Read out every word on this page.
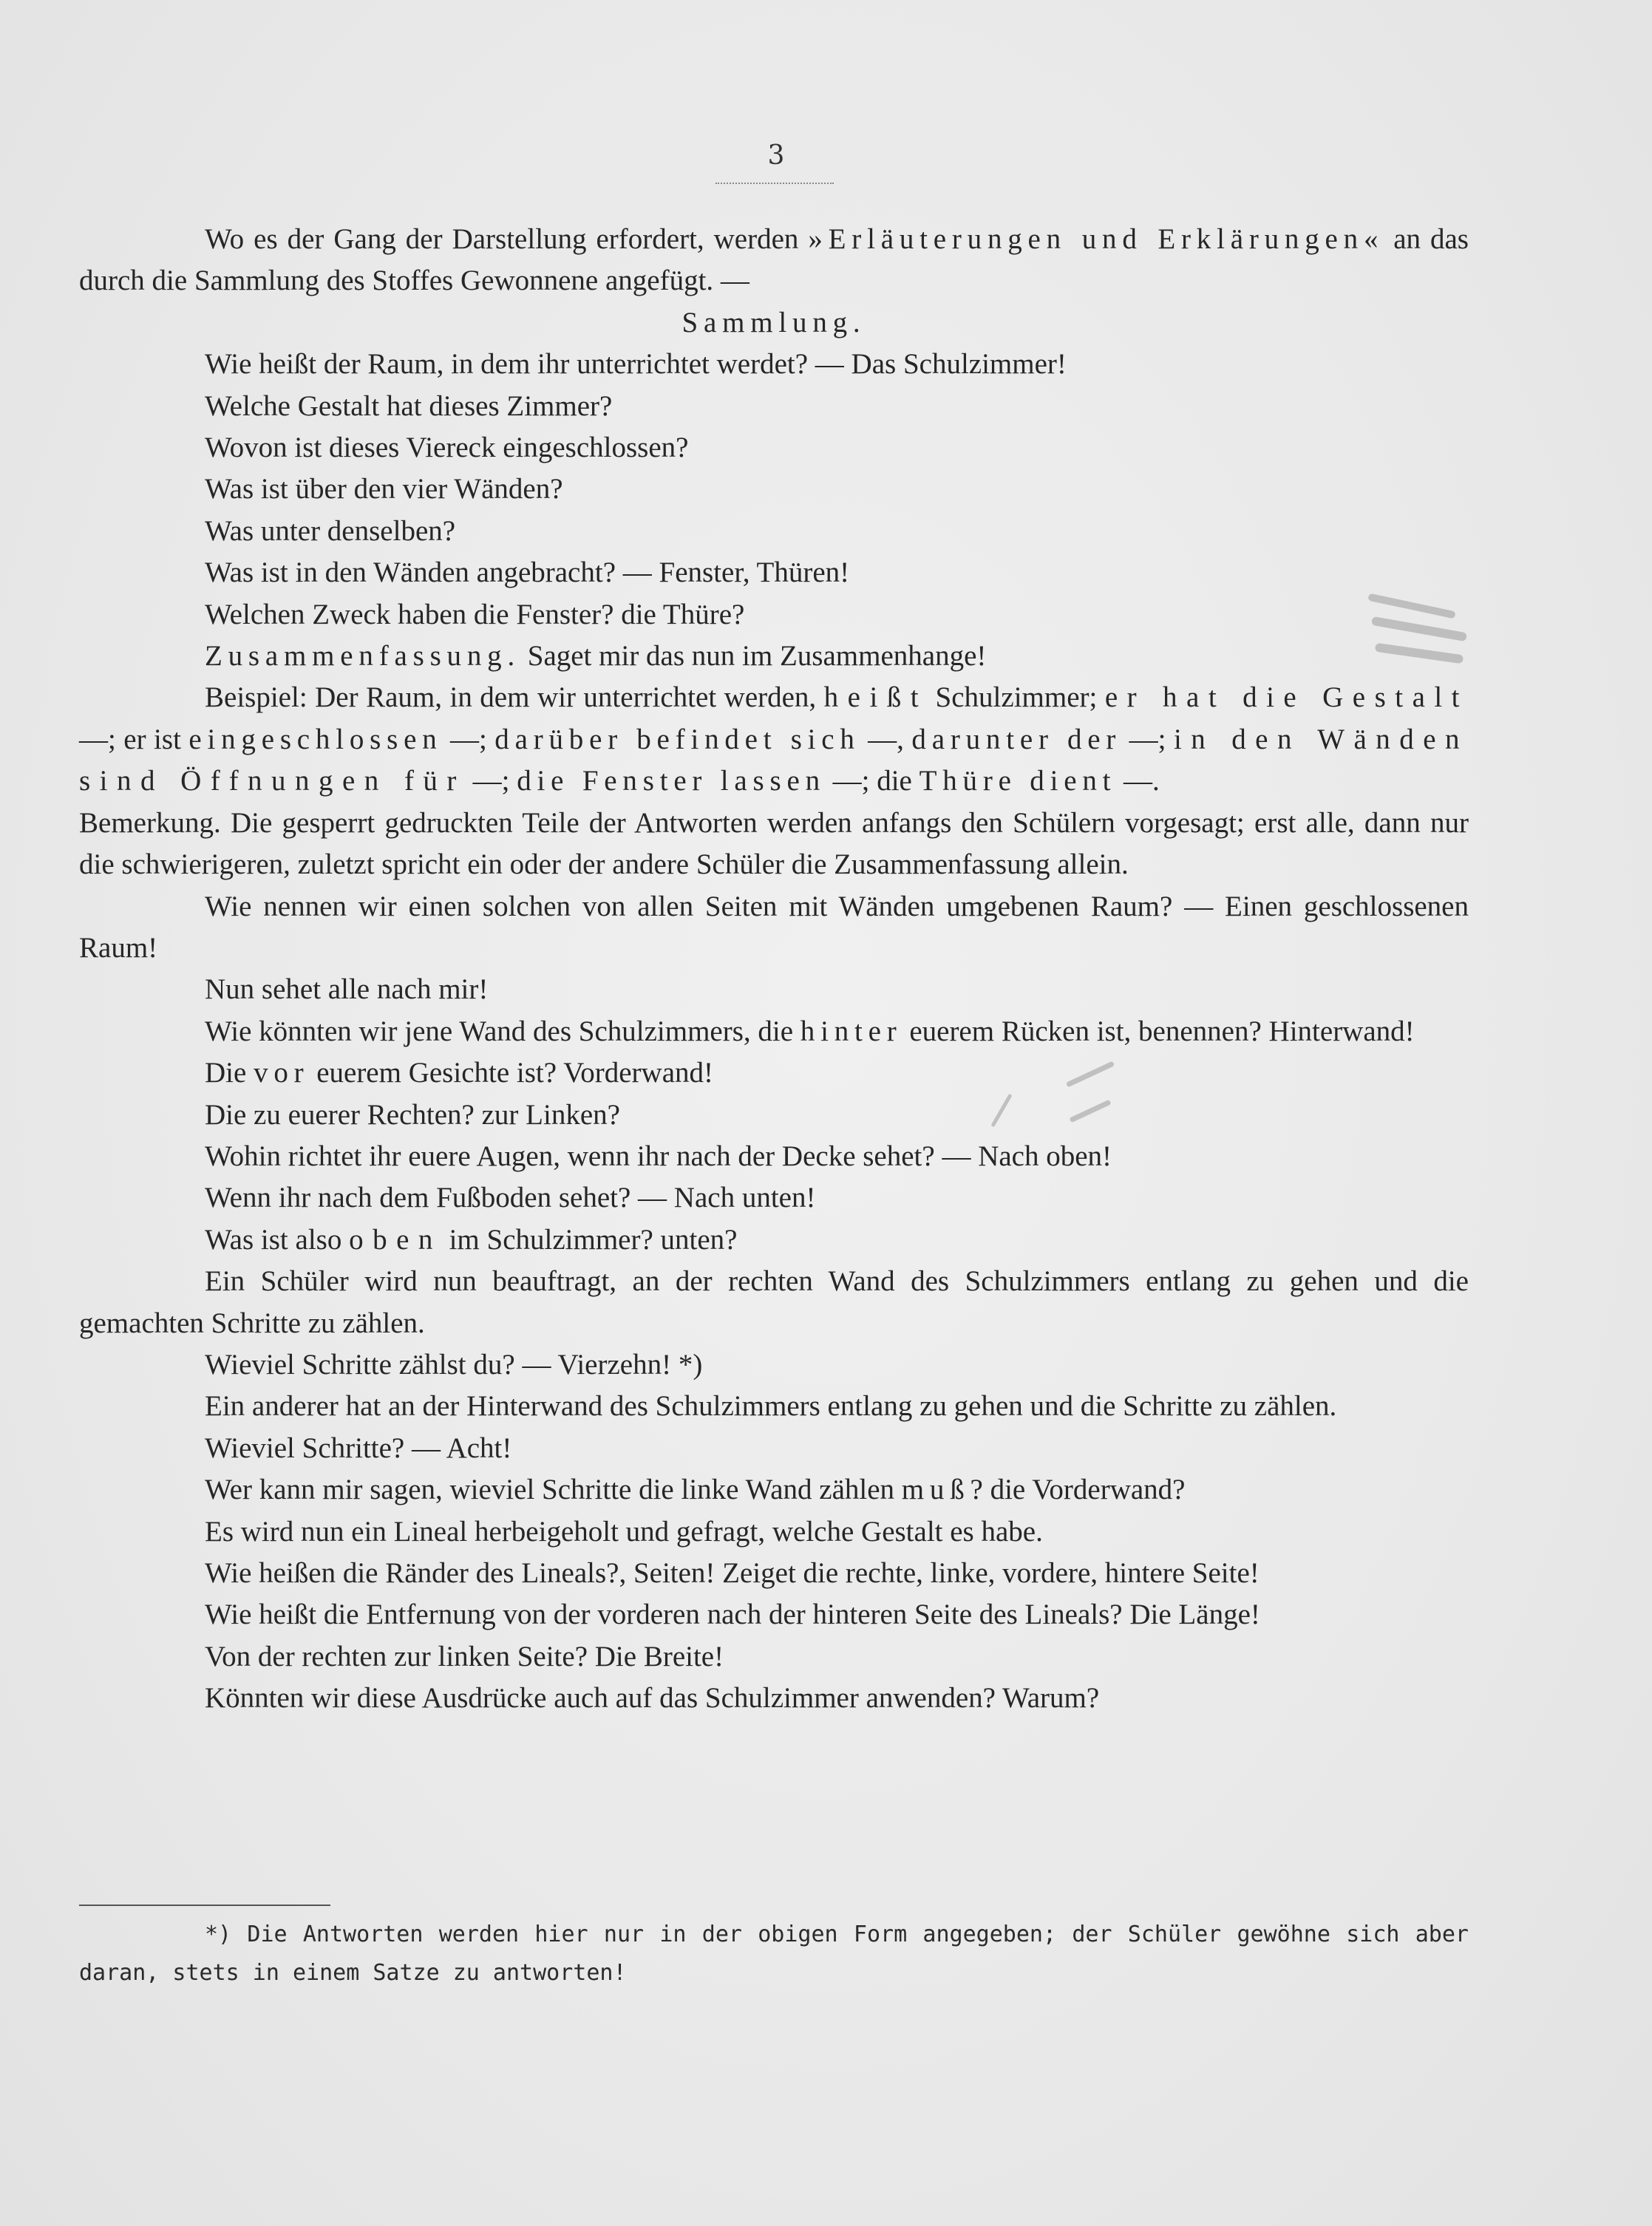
3

Wo es der Gang der Darstellung erfordert, werden »Erläuterungen und Erklärungen« an das durch die Sammlung des Stoffes Gewonnene angefügt. —

Sammlung.

Wie heißt der Raum, in dem ihr unterrichtet werdet? — Das Schulzimmer!

Welche Gestalt hat dieses Zimmer?

Wovon ist dieses Viereck eingeschlossen?

Was ist über den vier Wänden?

Was unter denselben?

Was ist in den Wänden angebracht? — Fenster, Thüren!

Welchen Zweck haben die Fenster? die Thüre?

Zusammenfassung. Saget mir das nun im Zusammenhange!

Beispiel: Der Raum, in dem wir unterrichtet werden, heißt Schulzimmer; er hat die Gestalt —; er ist eingeschlossen —; darüber befindet sich —, darunter der —; in den Wänden sind Öffnungen für —; die Fenster lassen —; die Thüre dient —.

Bemerkung. Die gesperrt gedruckten Teile der Antworten werden anfangs den Schülern vorgesagt; erst alle, dann nur die schwierigeren, zuletzt spricht ein oder der andere Schüler die Zusammenfassung allein.

Wie nennen wir einen solchen von allen Seiten mit Wänden umgebenen Raum? — Einen geschlossenen Raum!

Nun sehet alle nach mir!

Wie könnten wir jene Wand des Schulzimmers, die hinter euerem Rücken ist, benennen? Hinterwand!

Die vor euerem Gesichte ist? Vorderwand!

Die zu euerer Rechten? zur Linken?

Wohin richtet ihr euere Augen, wenn ihr nach der Decke sehet? — Nach oben!

Wenn ihr nach dem Fußboden sehet? — Nach unten!

Was ist also oben im Schulzimmer? unten?

Ein Schüler wird nun beauftragt, an der rechten Wand des Schulzimmers entlang zu gehen und die gemachten Schritte zu zählen.

Wieviel Schritte zählst du? — Vierzehn! *)

Ein anderer hat an der Hinterwand des Schulzimmers entlang zu gehen und die Schritte zu zählen.

Wieviel Schritte? — Acht!

Wer kann mir sagen, wieviel Schritte die linke Wand zählen muß? die Vorderwand?

Es wird nun ein Lineal herbeigeholt und gefragt, welche Gestalt es habe.

Wie heißen die Ränder des Lineals?, Seiten! Zeiget die rechte, linke, vordere, hintere Seite!

Wie heißt die Entfernung von der vorderen nach der hinteren Seite des Lineals? Die Länge!

Von der rechten zur linken Seite? Die Breite!

Könnten wir diese Ausdrücke auch auf das Schulzimmer anwenden? Warum?

*) Die Antworten werden hier nur in der obigen Form angegeben; der Schüler gewöhne sich aber daran, stets in einem Satze zu antworten!
